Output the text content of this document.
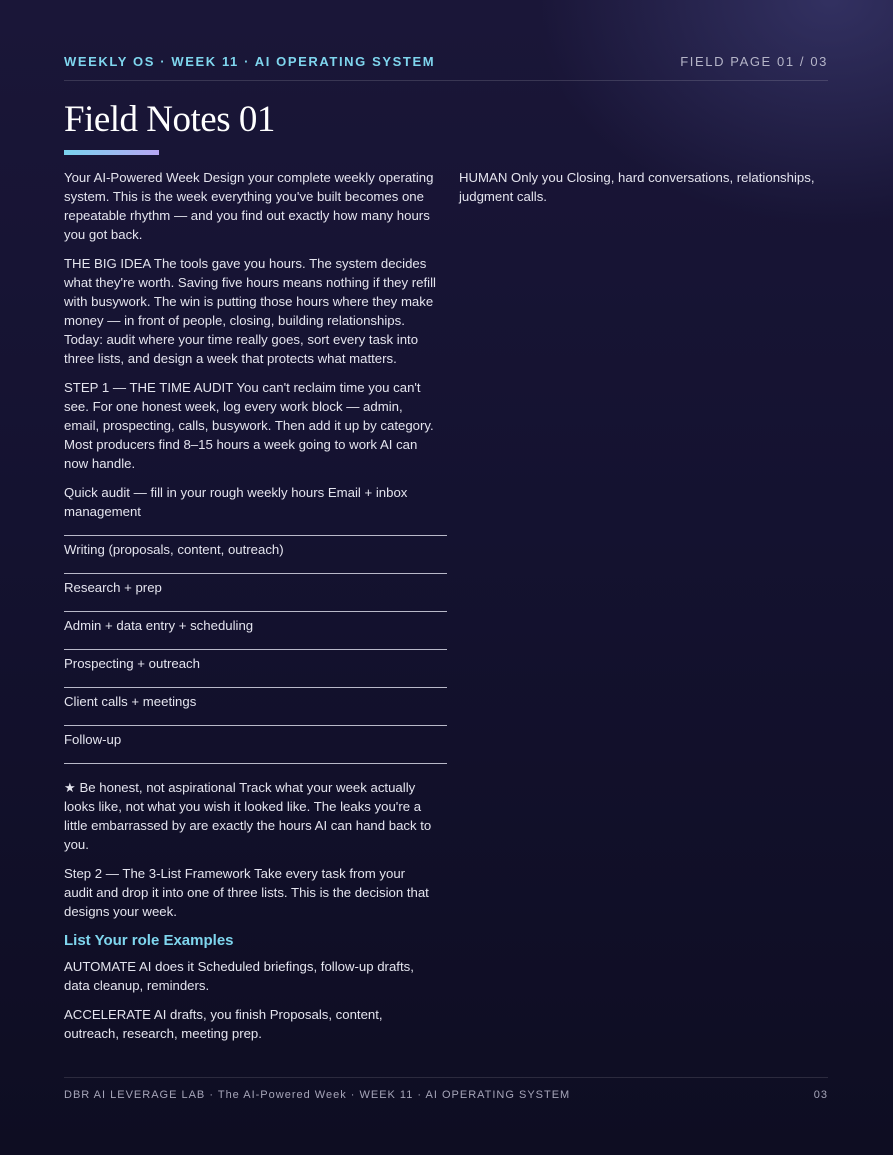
WEEKLY OS · WEEK 11 · AI OPERATING SYSTEM	FIELD PAGE 01 / 03
Field Notes 01

Your AI-Powered Week Design your complete weekly operating system. This is the week everything you've built becomes one repeatable rhythm — and you find out exactly how many hours you got back.

THE BIG IDEA The tools gave you hours. The system decides what they're worth. Saving five hours means nothing if they refill with busywork. The win is putting those hours where they make money — in front of people, closing, building relationships. Today: audit where your time really goes, sort every task into three lists, and design a week that protects what matters.

STEP 1 — THE TIME AUDIT You can't reclaim time you can't see. For one honest week, log every work block — admin, email, prospecting, calls, busywork. Then add it up by category. Most producers find 8–15 hours a week going to work AI can now handle.

Quick audit — fill in your rough weekly hours Email + inbox management
Writing (proposals, content, outreach)
Research + prep
Admin + data entry + scheduling
Prospecting + outreach
Client calls + meetings
Follow-up

★ Be honest, not aspirational Track what your week actually looks like, not what you wish it looked like. The leaks you're a little embarrassed by are exactly the hours AI can hand back to you.

Step 2 — The 3-List Framework Take every task from your audit and drop it into one of three lists. This is the decision that designs your week.

List Your role Examples

AUTOMATE AI does it Scheduled briefings, follow-up drafts, data cleanup, reminders.

ACCELERATE AI drafts, you finish Proposals, content, outreach, research, meeting prep.

HUMAN Only you Closing, hard conversations, relationships, judgment calls.

DBR AI LEVERAGE LAB · The AI-Powered Week · WEEK 11 · AI OPERATING SYSTEM	03
